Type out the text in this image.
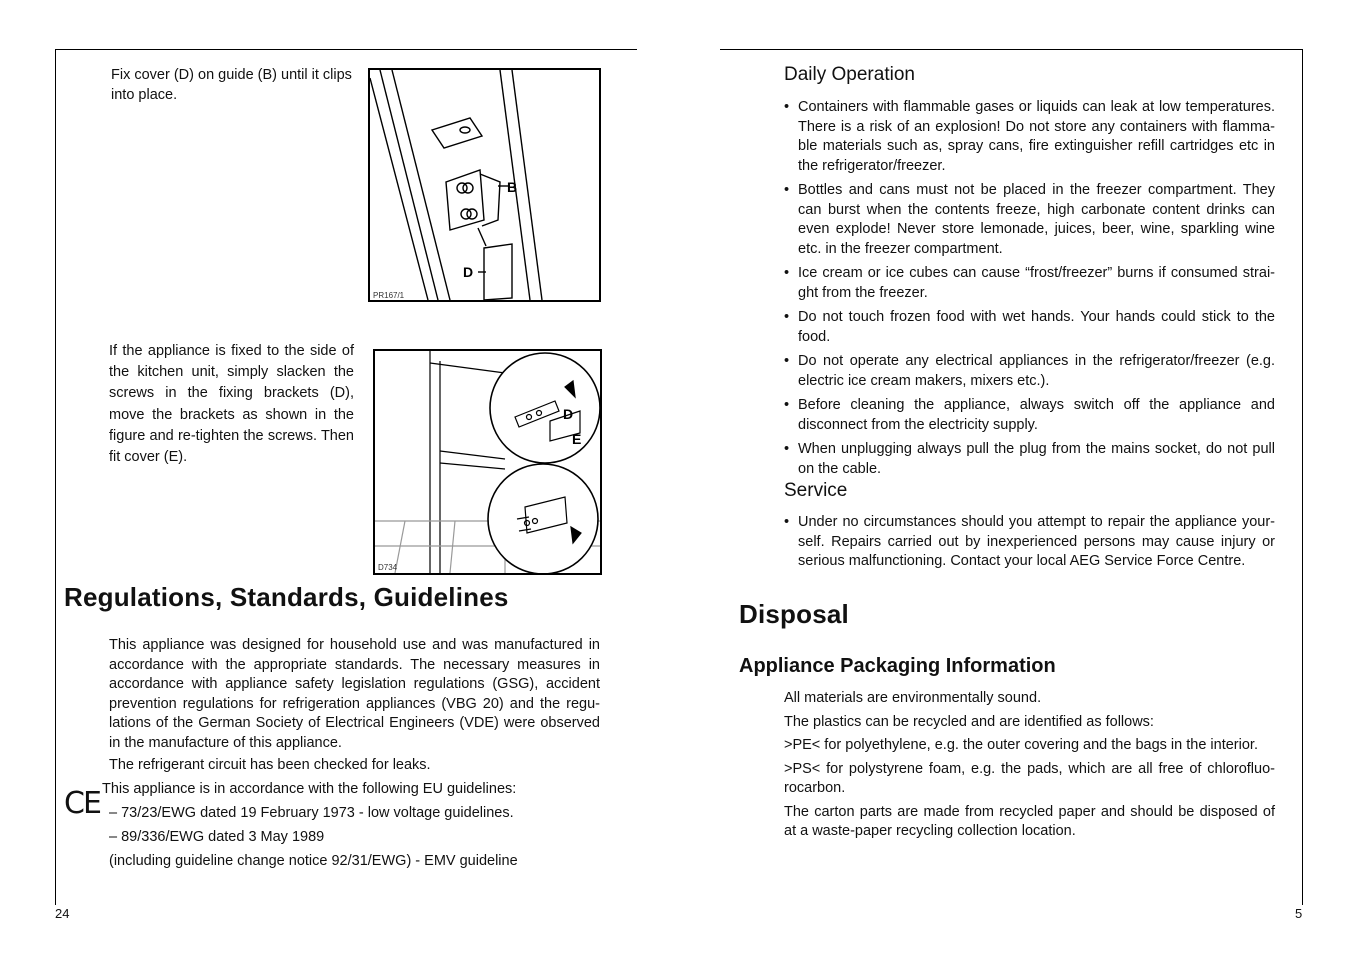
Fix cover (D) on guide (B) until it clips into place.

B
D
PR167/1

If the appliance is fixed to the side of the kitchen unit, simply slacken the screws in the fixing brackets (D), move the brackets as shown in the figure and re-tighten the screws. Then fit cover (E).

D
E
D734
Regulations, Standards, Guidelines

This appliance was designed for household use and was manufactured in accordance with the appropriate standards. The necessary measures in accordance with appliance safety legislation regulations (GSG), accident prevention regulations for refrigeration appliances (VBG 20) and the regu-lations of the German Society of Electrical Engineers (VDE) were observed in the manufacture of this appliance.

The refrigerant circuit has been checked for leaks.

This appliance is in accordance with the following EU guidelines:

CE – 73/23/EWG dated 19 February 1973 - low voltage guidelines.

– 89/336/EWG dated 3 May 1989

(including guideline change notice 92/31/EWG) - EMV guideline

24
Daily Operation
• Containers with flammable gases or liquids can leak at low temperatures. There is a risk of an explosion! Do not store any containers with flamma-ble materials such as, spray cans, fire extinguisher refill cartridges etc in the refrigerator/freezer.
• Bottles and cans must not be placed in the freezer compartment. They can burst when the contents freeze, high carbonate content drinks can even explode! Never store lemonade, juices, beer, wine, sparkling wine etc. in the freezer compartment.
• Ice cream or ice cubes can cause “frost/freezer” burns if consumed strai-ght from the freezer.
• Do not touch frozen food with wet hands. Your hands could stick to the food.
• Do not operate any electrical appliances in the refrigerator/freezer (e.g. electric ice cream makers, mixers etc.).
• Before cleaning the appliance, always switch off the appliance and disconnect from the electricity supply.
• When unplugging always pull the plug from the mains socket, do not pull on the cable.
Service
• Under no circumstances should you attempt to repair the appliance your-self. Repairs carried out by inexperienced persons may cause injury or serious malfunctioning. Contact your local AEG Service Force Centre.
Disposal
Appliance Packaging Information

All materials are environmentally sound.

The plastics can be recycled and are identified as follows:

>PE< for polyethylene, e.g. the outer covering and the bags in the interior.

>PS< for polystyrene foam, e.g. the pads, which are all free of chlorofluo-rocarbon.

The carton parts are made from recycled paper and should be disposed of at a waste-paper recycling collection location.

5
